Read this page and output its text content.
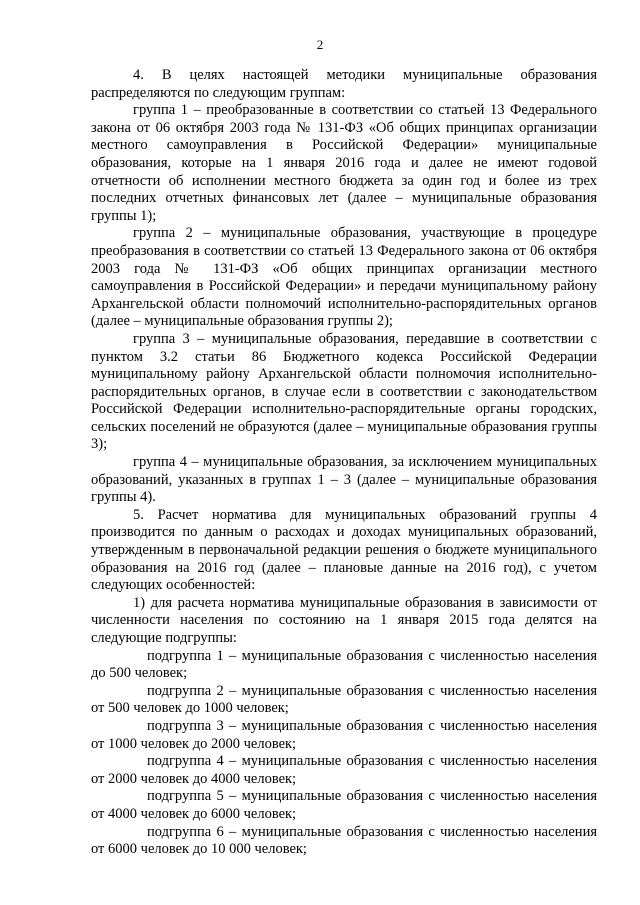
2

4. В целях настоящей методики муниципальные образования распределяются по следующим группам:

группа 1 – преобразованные в соответствии со статьей 13 Федерального закона от 06 октября 2003 года № 131-ФЗ «Об общих принципах организации местного самоуправления в Российской Федерации» муниципальные образования, которые на 1 января 2016 года и далее не имеют годовой отчетности об исполнении местного бюджета за один год и более из трех последних отчетных финансовых лет (далее – муниципальные образования группы 1);

группа 2 – муниципальные образования, участвующие в процедуре преобразования в соответствии со статьей 13 Федерального закона от 06 октября 2003 года № 131-ФЗ «Об общих принципах организации местного самоуправления в Российской Федерации» и передачи муниципальному району Архангельской области полномочий исполнительно-распорядительных органов (далее – муниципальные образования группы 2);

группа 3 – муниципальные образования, передавшие в соответствии с пунктом 3.2 статьи 86 Бюджетного кодекса Российской Федерации муниципальному району Архангельской области полномочия исполнительно-распорядительных органов, в случае если в соответствии с законодательством Российской Федерации исполнительно-распорядительные органы городских, сельских поселений не образуются (далее – муниципальные образования группы 3);

группа 4 – муниципальные образования, за исключением муниципальных образований, указанных в группах 1 – 3 (далее – муниципальные образования группы 4).

5. Расчет норматива для муниципальных образований группы 4 производится по данным о расходах и доходах муниципальных образований, утвержденным в первоначальной редакции решения о бюджете муниципального образования на 2016 год (далее – плановые данные на 2016 год), с учетом следующих особенностей:

1) для расчета норматива муниципальные образования в зависимости от численности населения по состоянию на 1 января 2015 года делятся на следующие подгруппы:

подгруппа 1 – муниципальные образования с численностью населения до 500 человек;

подгруппа 2 – муниципальные образования с численностью населения от 500 человек до 1000 человек;

подгруппа 3 – муниципальные образования с численностью населения от 1000 человек до 2000 человек;

подгруппа 4 – муниципальные образования с численностью населения от 2000 человек до 4000 человек;

подгруппа 5 – муниципальные образования с численностью населения от 4000 человек до 6000 человек;

подгруппа 6 – муниципальные образования с численностью населения от 6000 человек до 10 000 человек;
